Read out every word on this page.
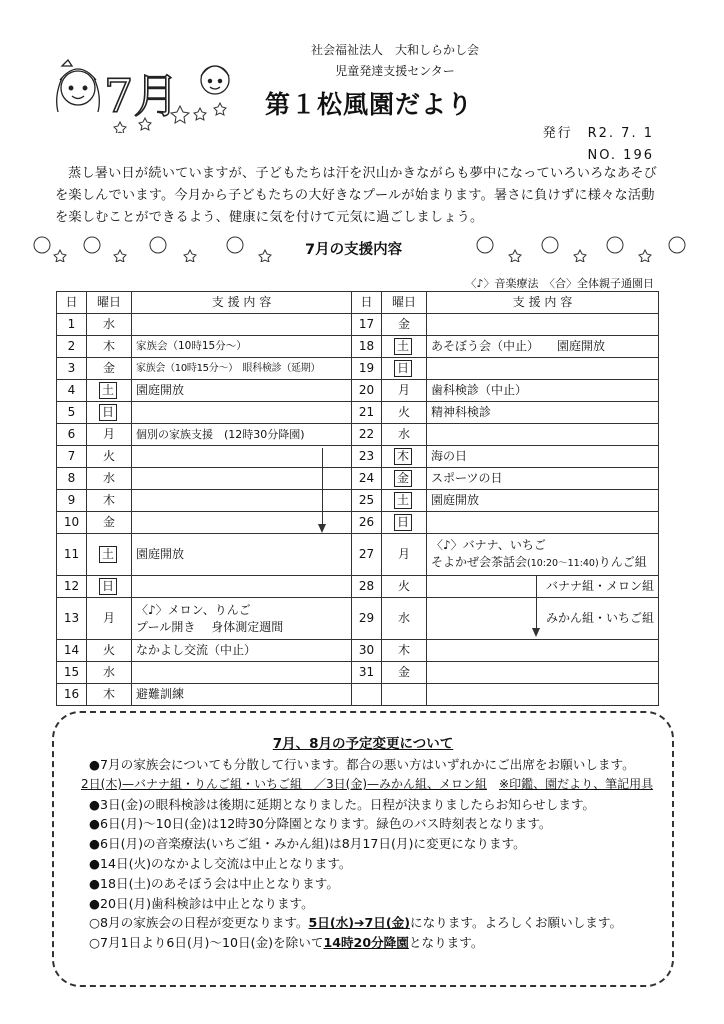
7月
社会福祉法人　大和しらかし会
児童発達支援センター
第１松風園だより
発行　R2. 7. 1
NO. 196
蒸し暑い日が続いていますが、子どもたちは汗を沢山かきながらも夢中になっていろいろなあそびを楽しんでいます。今月から子どもたちの大好きなプールが始まります。暑さに負けずに様々な活動を楽しむことができるよう、健康に気を付けて元気に過ごしましょう。
7月の支援内容
〈♪〉音楽療法　〈合〉全体親子通園日
日	曜日	支 援 内 容	日	曜日	支 援 内 容
1	水		17	金	
2	木	家族会（10時15分～）	18	土	あそぼう会（中止）　　園庭開放
3	金	家族会（10時15分～）　眼科検診（延期）	19	日	
4	土	園庭開放	20	月	歯科検診（中止）
5	日		21	火	精神科検診
6	月	個別の家族支援　(12時30分降園)	22	水	
7	火		23	木	海の日
8	水		24	金	スポーツの日
9	木		25	土	園庭開放
10	金		26	日	
11	土	園庭開放	27	月	〈♪〉バナナ、いちご
そよかぜ会茶話会(10:20～11:40)りんご組

12	日		28	火	バナナ組・メロン組
13	月	〈♪〉メロン、りんご
プール開き　 身体測定週間	29	水	みかん組・いちご組
14	火	なかよし交流（中止）	30	木	
15	水		31	金	
16	木	避難訓練			
7月、8月の予定変更について
●7月の家族会についても分散して行います。都合の悪い方はいずれかにご出席をお願いします。
2日(木)—バナナ組・りんご組・いちご組　／3日(金)—みかん組、メロン組　 ※印鑑、園だより、筆記用具
●3日(金)の眼科検診は後期に延期となりました。日程が決まりましたらお知らせします。
●6日(月)～10日(金)は12時30分降園となります。緑色のバス時刻表となります。
●6日(月)の音楽療法(いちご組・みかん組)は8月17日(月)に変更になります。
●14日(火)のなかよし交流は中止となります。
●18日(土)のあそぼう会は中止となります。
●20日(月)歯科検診は中止となります。
○8月の家族会の日程が変更なります。5日(水)➔7日(金)になります。よろしくお願いします。
○7月1日より6日(月)～10日(金)を除いて14時20分降園となります。
